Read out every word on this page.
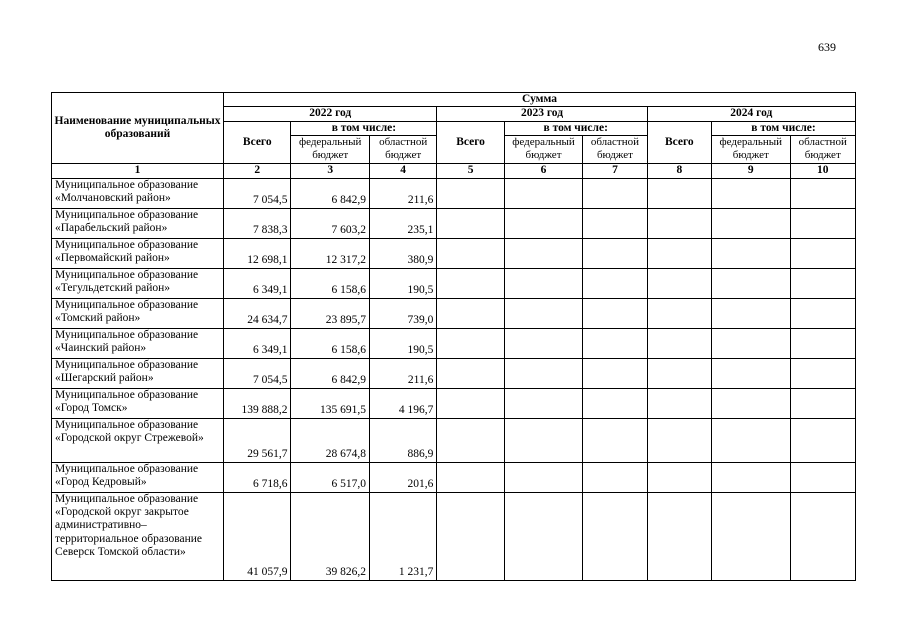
639
Наименование муниципальных образований	Сумма								
	2022 год			2023 год			2024 год		
	Всего	в том числе:		Всего	в том числе:		Всего	в том числе:	
		федеральный бюджет	областной бюджет		федеральный бюджет	областной бюджет		федеральный бюджет	областной бюджет
1	2	3	4	5	6	7	8	9	10
Муниципальное образование «Молчановский район»	7 054,5	6 842,9	211,6						
Муниципальное образование «Парабельский район»	7 838,3	7 603,2	235,1						
Муниципальное образование «Первомайский район»	12 698,1	12 317,2	380,9						
Муниципальное образование «Тегульдетский район»	6 349,1	6 158,6	190,5						
Муниципальное образование «Томский район»	24 634,7	23 895,7	739,0						
Муниципальное образование «Чаинский район»	6 349,1	6 158,6	190,5						
Муниципальное образование «Шегарский район»	7 054,5	6 842,9	211,6						
Муниципальное образование «Город Томск»	139 888,2	135 691,5	4 196,7						
Муниципальное образование «Городской округ Стрежевой»	29 561,7	28 674,8	886,9						
Муниципальное образование «Город Кедровый»	6 718,6	6 517,0	201,6						
Муниципальное образование «Городской округ закрытое административно– территориальное образование Северск Томской области»	41 057,9	39 826,2	1 231,7						
